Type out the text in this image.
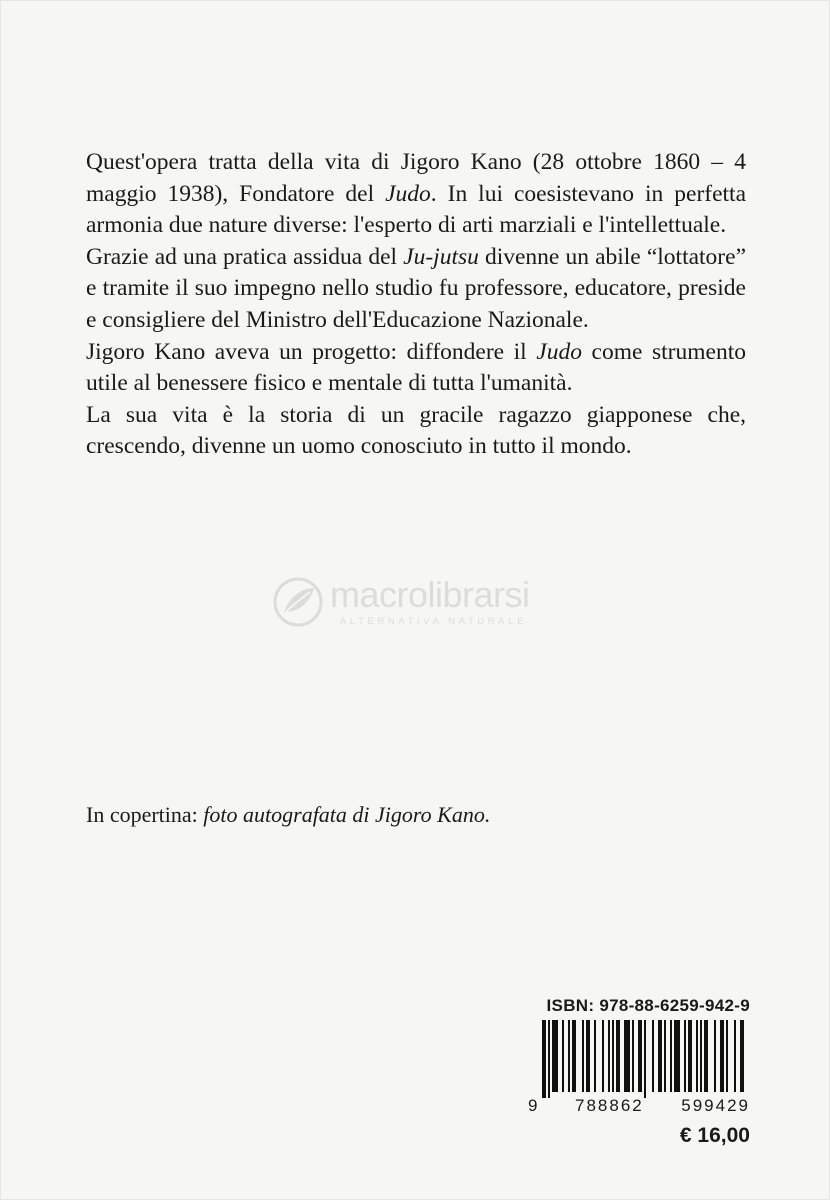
Quest'opera tratta della vita di Jigoro Kano (28 ottobre 1860 – 4 maggio 1938), Fondatore del Judo. In lui coesistevano in perfetta armonia due nature diverse: l'esperto di arti marziali e l'intellettuale.

Grazie ad una pratica assidua del Ju-jutsu divenne un abile “lottatore” e tramite il suo impegno nello studio fu professore, educatore, preside e consigliere del Ministro dell'Educazione Nazionale.

Jigoro Kano aveva un progetto: diffondere il Judo come strumento utile al benessere fisico e mentale di tutta l'umanità.

La sua vita è la storia di un gracile ragazzo giapponese che, crescendo, divenne un uomo conosciuto in tutto il mondo.

macrolibrarsi
ALTERNATIVA NATURALE
In copertina: foto autografata di Jigoro Kano.
ISBN: 978-88-6259-942-9
9 788862 599429
€ 16,00
